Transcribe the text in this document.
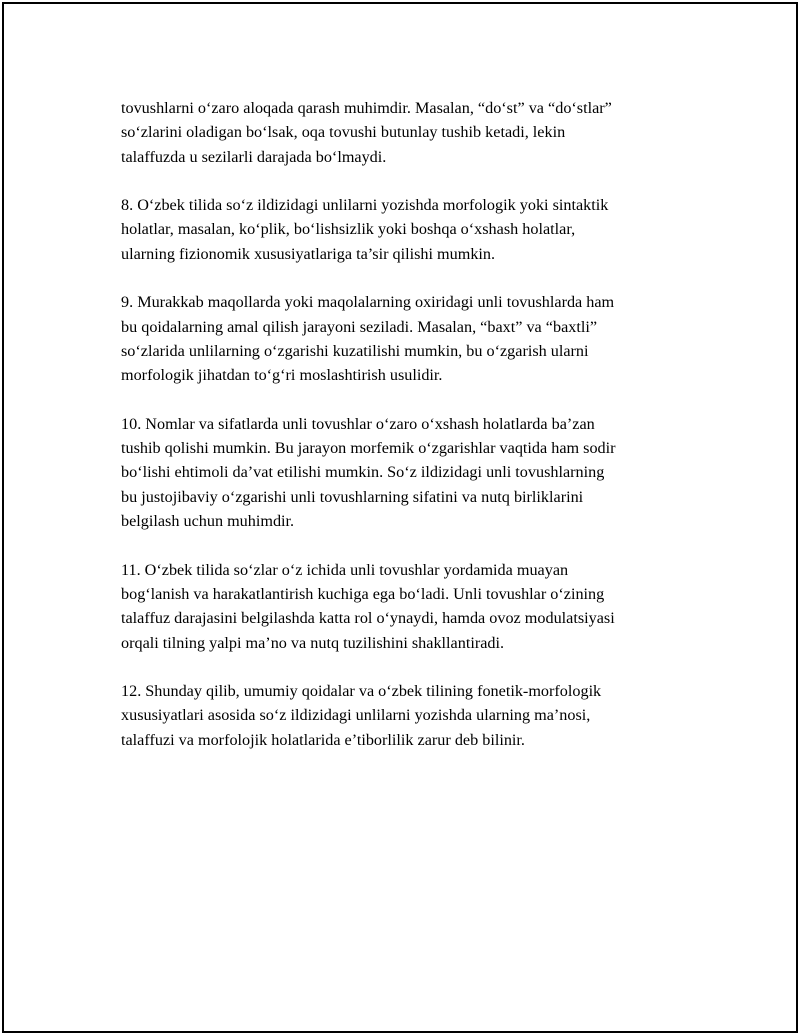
tovushlarni o‘zaro aloqada qarash muhimdir. Masalan, “do‘st” va “do‘stlar”
so‘zlarini oladigan bo‘lsak, oqa tovushi butunlay tushib ketadi, lekin
talaffuzda u sezilarli darajada bo‘lmaydi.

8. O‘zbek tilida so‘z ildizidagi unlilarni yozishda morfologik yoki sintaktik
holatlar, masalan, ko‘plik, bo‘lishsizlik yoki boshqa o‘xshash holatlar,
ularning fizionomik xususiyatlariga ta’sir qilishi mumkin.

9. Murakkab maqollarda yoki maqolalarning oxiridagi unli tovushlarda ham
bu qoidalarning amal qilish jarayoni seziladi. Masalan, “baxt” va “baxtli”
so‘zlarida unlilarning o‘zgarishi kuzatilishi mumkin, bu o‘zgarish ularni
morfologik jihatdan to‘g‘ri moslashtirish usulidir.

10. Nomlar va sifatlarda unli tovushlar o‘zaro o‘xshash holatlarda ba’zan
tushib qolishi mumkin. Bu jarayon morfemik o‘zgarishlar vaqtida ham sodir
bo‘lishi ehtimoli da’vat etilishi mumkin. So‘z ildizidagi unli tovushlarning
bu justojibaviy o‘zgarishi unli tovushlarning sifatini va nutq birliklarini
belgilash uchun muhimdir.

11. O‘zbek tilida so‘zlar o‘z ichida unli tovushlar yordamida muayan
bog‘lanish va harakatlantirish kuchiga ega bo‘ladi. Unli tovushlar o‘zining
talaffuz darajasini belgilashda katta rol o‘ynaydi, hamda ovoz modulatsiyasi
orqali tilning yalpi ma’no va nutq tuzilishini shakllantiradi.

12. Shunday qilib, umumiy qoidalar va o‘zbek tilining fonetik-morfologik
xususiyatlari asosida so‘z ildizidagi unlilarni yozishda ularning ma’nosi,
talaffuzi va morfolojik holatlarida e’tiborlilik zarur deb bilinir.
